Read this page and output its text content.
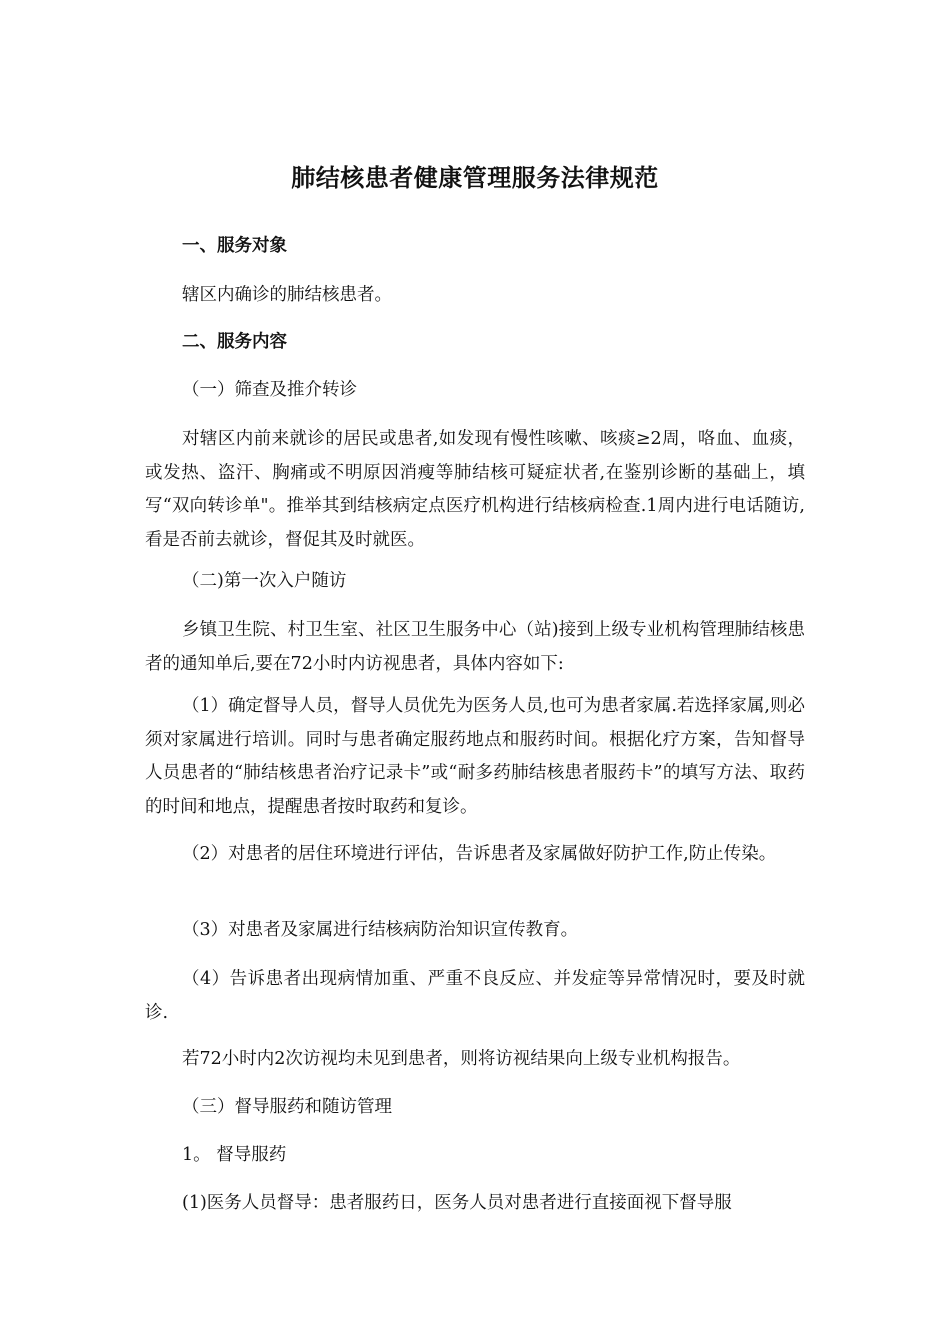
肺结核患者健康管理服务法律规范
一、服务对象
辖区内确诊的肺结核患者。
二、服务内容
（一）筛查及推介转诊
对辖区内前来就诊的居民或患者,如发现有慢性咳嗽、咳痰≥2周，咯血、血痰，或发热、盗汗、胸痛或不明原因消瘦等肺结核可疑症状者,在鉴别诊断的基础上，填写“双向转诊单"。推举其到结核病定点医疗机构进行结核病检查.1周内进行电话随访,看是否前去就诊，督促其及时就医。
（二)第一次入户随访
乡镇卫生院、村卫生室、社区卫生服务中心（站)接到上级专业机构管理肺结核患者的通知单后,要在72小时内访视患者，具体内容如下:
（1）确定督导人员，督导人员优先为医务人员,也可为患者家属.若选择家属,则必须对家属进行培训。同时与患者确定服药地点和服药时间。根据化疗方案，告知督导人员患者的“肺结核患者治疗记录卡”或“耐多药肺结核患者服药卡”的填写方法、取药的时间和地点，提醒患者按时取药和复诊。
（2）对患者的居住环境进行评估，告诉患者及家属做好防护工作,防止传染。
（3）对患者及家属进行结核病防治知识宣传教育。
（4）告诉患者出现病情加重、严重不良反应、并发症等异常情况时，要及时就诊.
若72小时内2次访视均未见到患者，则将访视结果向上级专业机构报告。
（三）督导服药和随访管理
1。 督导服药
(1)医务人员督导：患者服药日，医务人员对患者进行直接面视下督导服
